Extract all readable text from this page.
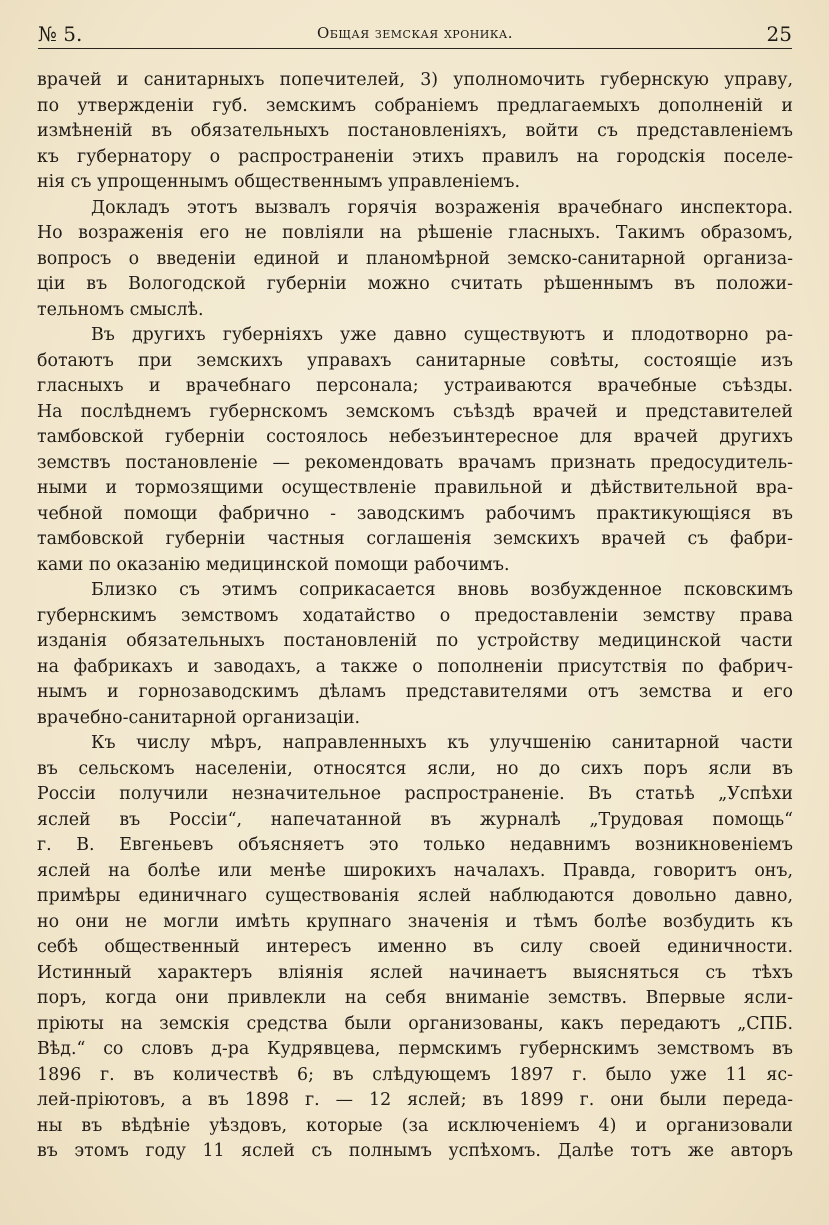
№ 5.	Общая земская хроника.	25
врачей и санитарныхъ попечителей, 3) уполномочить губернскую управу,
по утвержденіи губ. земскимъ собраніемъ предлагаемыхъ дополненій и
измѣненій въ обязательныхъ постановленіяхъ, войти съ представленіемъ
къ губернатору о распространеніи этихъ правилъ на городскія поселе-
нія съ упрощеннымъ общественнымъ управленіемъ.
Докладъ этотъ вызвалъ горячія возраженія врачебнаго инспектора.
Но возраженія его не повліяли на рѣшеніе гласныхъ. Такимъ образомъ,
вопросъ о введеніи единой и планомѣрной земско-санитарной организа-
ціи въ Вологодской губерніи можно считать рѣшеннымъ въ положи-
тельномъ смыслѣ.
Въ другихъ губерніяхъ уже давно существуютъ и плодотворно ра-
ботаютъ при земскихъ управахъ санитарные совѣты, состоящіе изъ
гласныхъ и врачебнаго персонала; устраиваются врачебные съѣзды.
На послѣднемъ губернскомъ земскомъ съѣздѣ врачей и представителей
тамбовской губерніи состоялось небезъинтересное для врачей другихъ
земствъ постановленіе — рекомендовать врачамъ признать предосудитель-
ными и тормозящими осуществленіе правильной и дѣйствительной вра-
чебной помощи фабрично - заводскимъ рабочимъ практикующіяся въ
тамбовской губерніи частныя соглашенія земскихъ врачей съ фабри-
ками по оказанію медицинской помощи рабочимъ.
Близко съ этимъ соприкасается вновь возбужденное псковскимъ
губернскимъ земствомъ ходатайство о предоставленіи земству права
изданія обязательныхъ постановленій по устройству медицинской части
на фабрикахъ и заводахъ, а также о пополненіи присутствія по фабрич-
нымъ и горнозаводскимъ дѣламъ представителями отъ земства и его
врачебно-санитарной организаціи.
Къ числу мѣръ, направленныхъ къ улучшенію санитарной части
въ сельскомъ населеніи, относятся ясли, но до сихъ поръ ясли въ
Россіи получили незначительное распространеніе. Въ статьѣ „Успѣхи
яслей въ Россіи“, напечатанной въ журналѣ „Трудовая помощь“
г. В. Евгеньевъ объясняетъ это только недавнимъ возникновеніемъ
яслей на болѣе или менѣе широкихъ началахъ. Правда, говоритъ онъ,
примѣры единичнаго существованія яслей наблюдаются довольно давно,
но они не могли имѣть крупнаго значенія и тѣмъ болѣе возбудить къ
себѣ общественный интересъ именно въ силу своей единичности.
Истинный характеръ вліянія яслей начинаетъ выясняться съ тѣхъ
поръ, когда они привлекли на себя вниманіе земствъ. Впервые ясли-
пріюты на земскія средства были организованы, какъ передаютъ „СПБ.
Вѣд.“ со словъ д-ра Кудрявцева, пермскимъ губернскимъ земствомъ въ
1896 г. въ количествѣ 6; въ слѣдующемъ 1897 г. было уже 11 яс-
лей-пріютовъ, а въ 1898 г. — 12 яслей; въ 1899 г. они были переда-
ны въ вѣдѣніе уѣздовъ, которые (за исключеніемъ 4) и организовали
въ этомъ году 11 яслей съ полнымъ успѣхомъ. Далѣе тотъ же авторъ
